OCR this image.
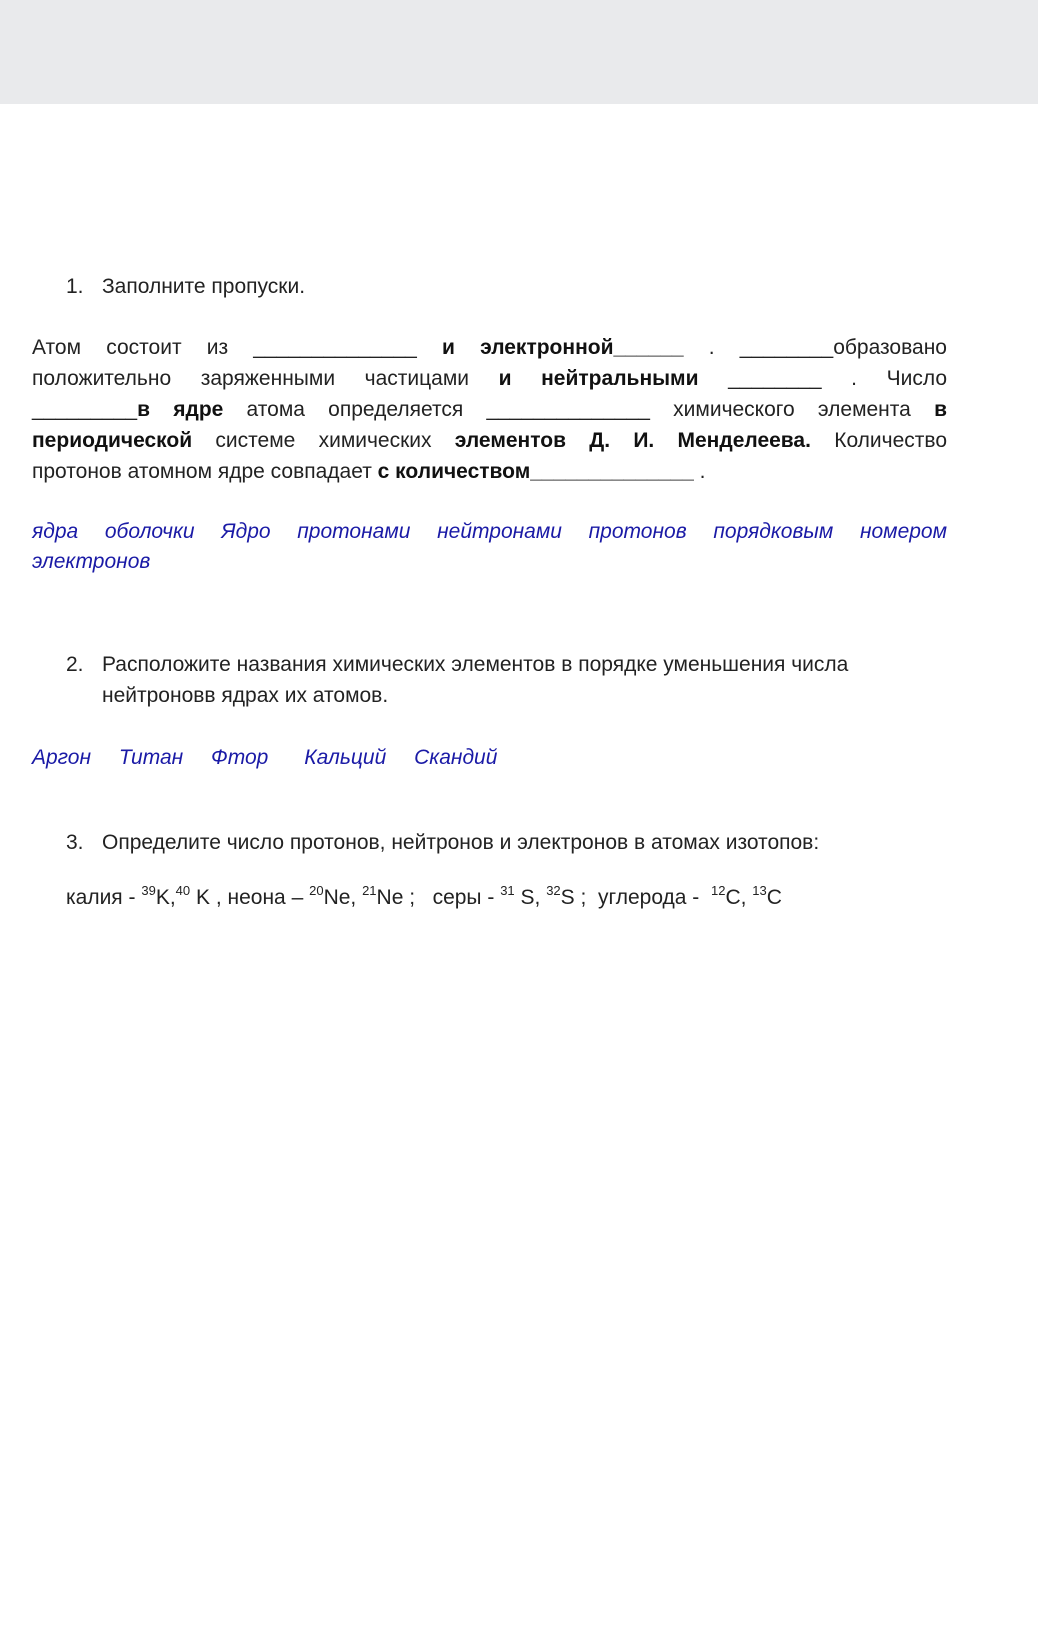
1. Заполните пропуски.
Атом состоит из ______________ и электронной______ . ________образовано
положительно заряженными частицами и нейтральными ________ . Число
_________в ядре атома определяется ______________ химического элемента в
периодической системе химических элементов Д. И. Менделеева. Количество
протонов атомном ядре совпадает с количеством______________ .
ядра оболочки Ядро протонами нейтронами протонов порядковым номером
электронов
2. Расположите названия химических элементов в порядке уменьшения числа
нейтроновв ядрах их атомов.
Аргон Титан Фтор Кальций Скандий
3. Определите число протонов, нейтронов и электронов в атомах изотопов:
калия - $^{39}$K,$^{40}$ K , неона – $^{20}$Ne, $^{21}$Ne ;   серы - $^{31}$ S, $^{32}$S ;  углерода -  $^{12}$C, $^{13}$C
